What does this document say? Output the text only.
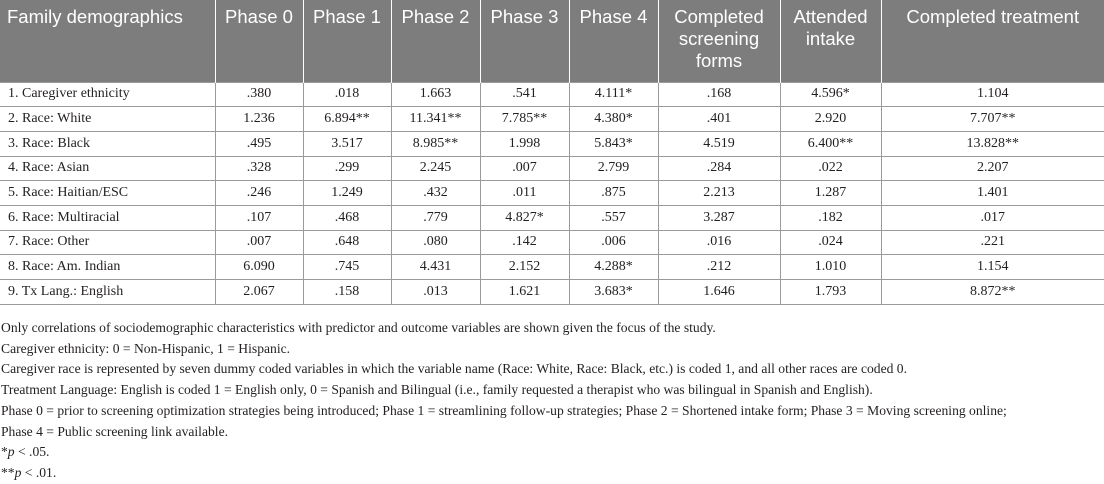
Family demographics	Phase 0	Phase 1	Phase 2	Phase 3	Phase 4	Completed screening forms	Attended intake	Completed treatment
1. Caregiver ethnicity	.380	.018	1.663	.541	4.111*	.168	4.596*	1.104
2. Race: White	1.236	6.894**	11.341**	7.785**	4.380*	.401	2.920	7.707**
3. Race: Black	.495	3.517	8.985**	1.998	5.843*	4.519	6.400**	13.828**
4. Race: Asian	.328	.299	2.245	.007	2.799	.284	.022	2.207
5. Race: Haitian/ESC	.246	1.249	.432	.011	.875	2.213	1.287	1.401
6. Race: Multiracial	.107	.468	.779	4.827*	.557	3.287	.182	.017
7. Race: Other	.007	.648	.080	.142	.006	.016	.024	.221
8. Race: Am. Indian	6.090	.745	4.431	2.152	4.288*	.212	1.010	1.154
9. Tx Lang.: English	2.067	.158	.013	1.621	3.683*	1.646	1.793	8.872**

Only correlations of sociodemographic characteristics with predictor and outcome variables are shown given the focus of the study.

Caregiver ethnicity: 0 = Non-Hispanic, 1 = Hispanic.

Caregiver race is represented by seven dummy coded variables in which the variable name (Race: White, Race: Black, etc.) is coded 1, and all other races are coded 0.

Treatment Language: English is coded 1 = English only, 0 = Spanish and Bilingual (i.e., family requested a therapist who was bilingual in Spanish and English).

Phase 0 = prior to screening optimization strategies being introduced; Phase 1 = streamlining follow-up strategies; Phase 2 = Shortened intake form; Phase 3 = Moving screening online;

Phase 4 = Public screening link available.

*p < .05.

**p < .01.
